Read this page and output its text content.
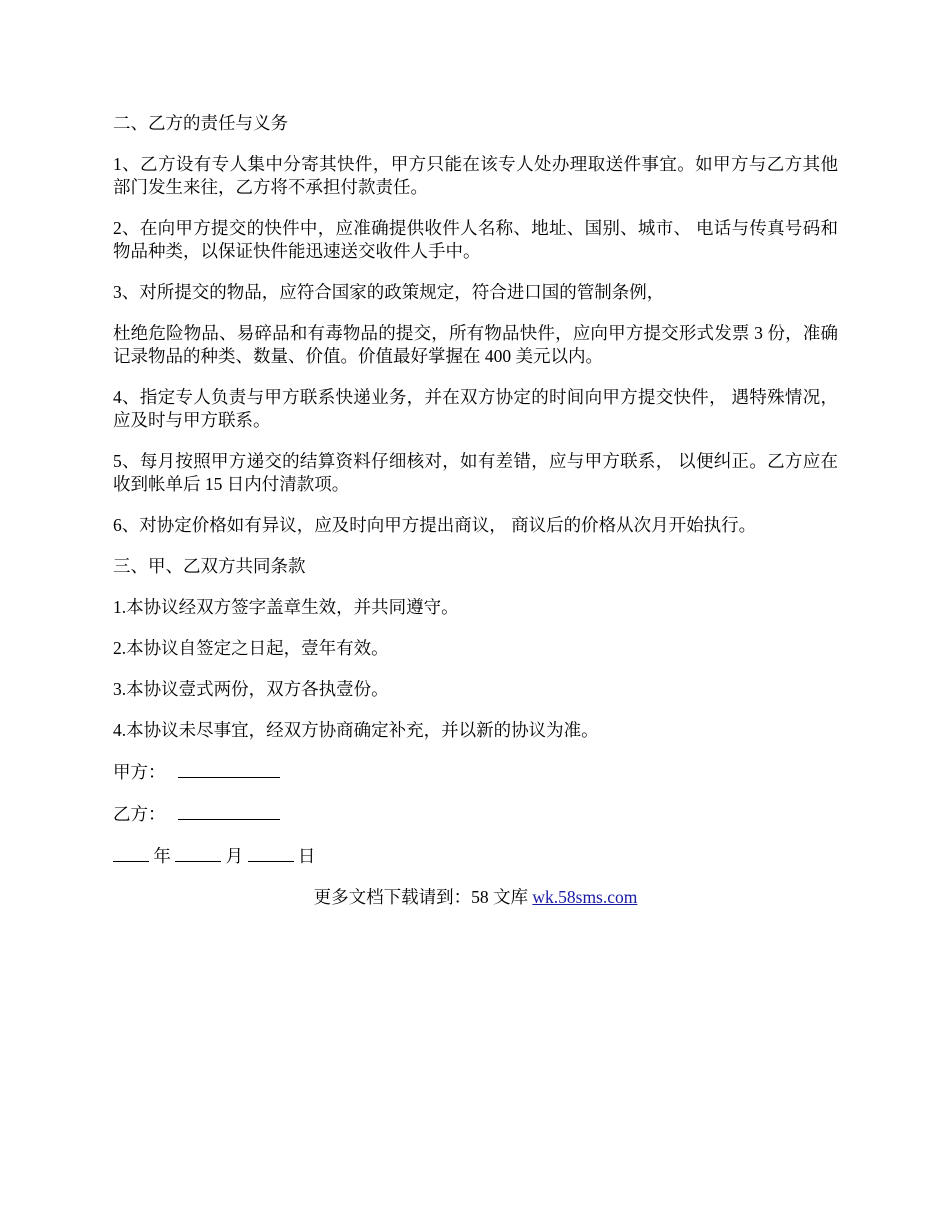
二、乙方的责任与义务

1、乙方设有专人集中分寄其快件，甲方只能在该专人处办理取送件事宜。如甲方与乙方其他部门发生来往，乙方将不承担付款责任。

2、在向甲方提交的快件中，应准确提供收件人名称、地址、国别、城市、 电话与传真号码和物品种类，以保证快件能迅速送交收件人手中。

3、对所提交的物品，应符合国家的政策规定，符合进口国的管制条例，

杜绝危险物品、易碎品和有毒物品的提交，所有物品快件，应向甲方提交形式发票 3 份，准确记录物品的种类、数量、价值。价值最好掌握在 400 美元以内。

4、指定专人负责与甲方联系快递业务，并在双方协定的时间向甲方提交快件， 遇特殊情况，应及时与甲方联系。

5、每月按照甲方递交的结算资料仔细核对，如有差错，应与甲方联系， 以便纠正。乙方应在收到帐单后 15 日内付清款项。

6、对协定价格如有异议，应及时向甲方提出商议， 商议后的价格从次月开始执行。

三、甲、乙双方共同条款

1.本协议经双方签字盖章生效，并共同遵守。

2.本协议自签定之日起，壹年有效。

3.本协议壹式两份，双方各执壹份。

4.本协议未尽事宜，经双方协商确定补充，并以新的协议为准。

甲方：

乙方：

年	月	日

更多文档下载请到：58 文库 wk.58sms.com
